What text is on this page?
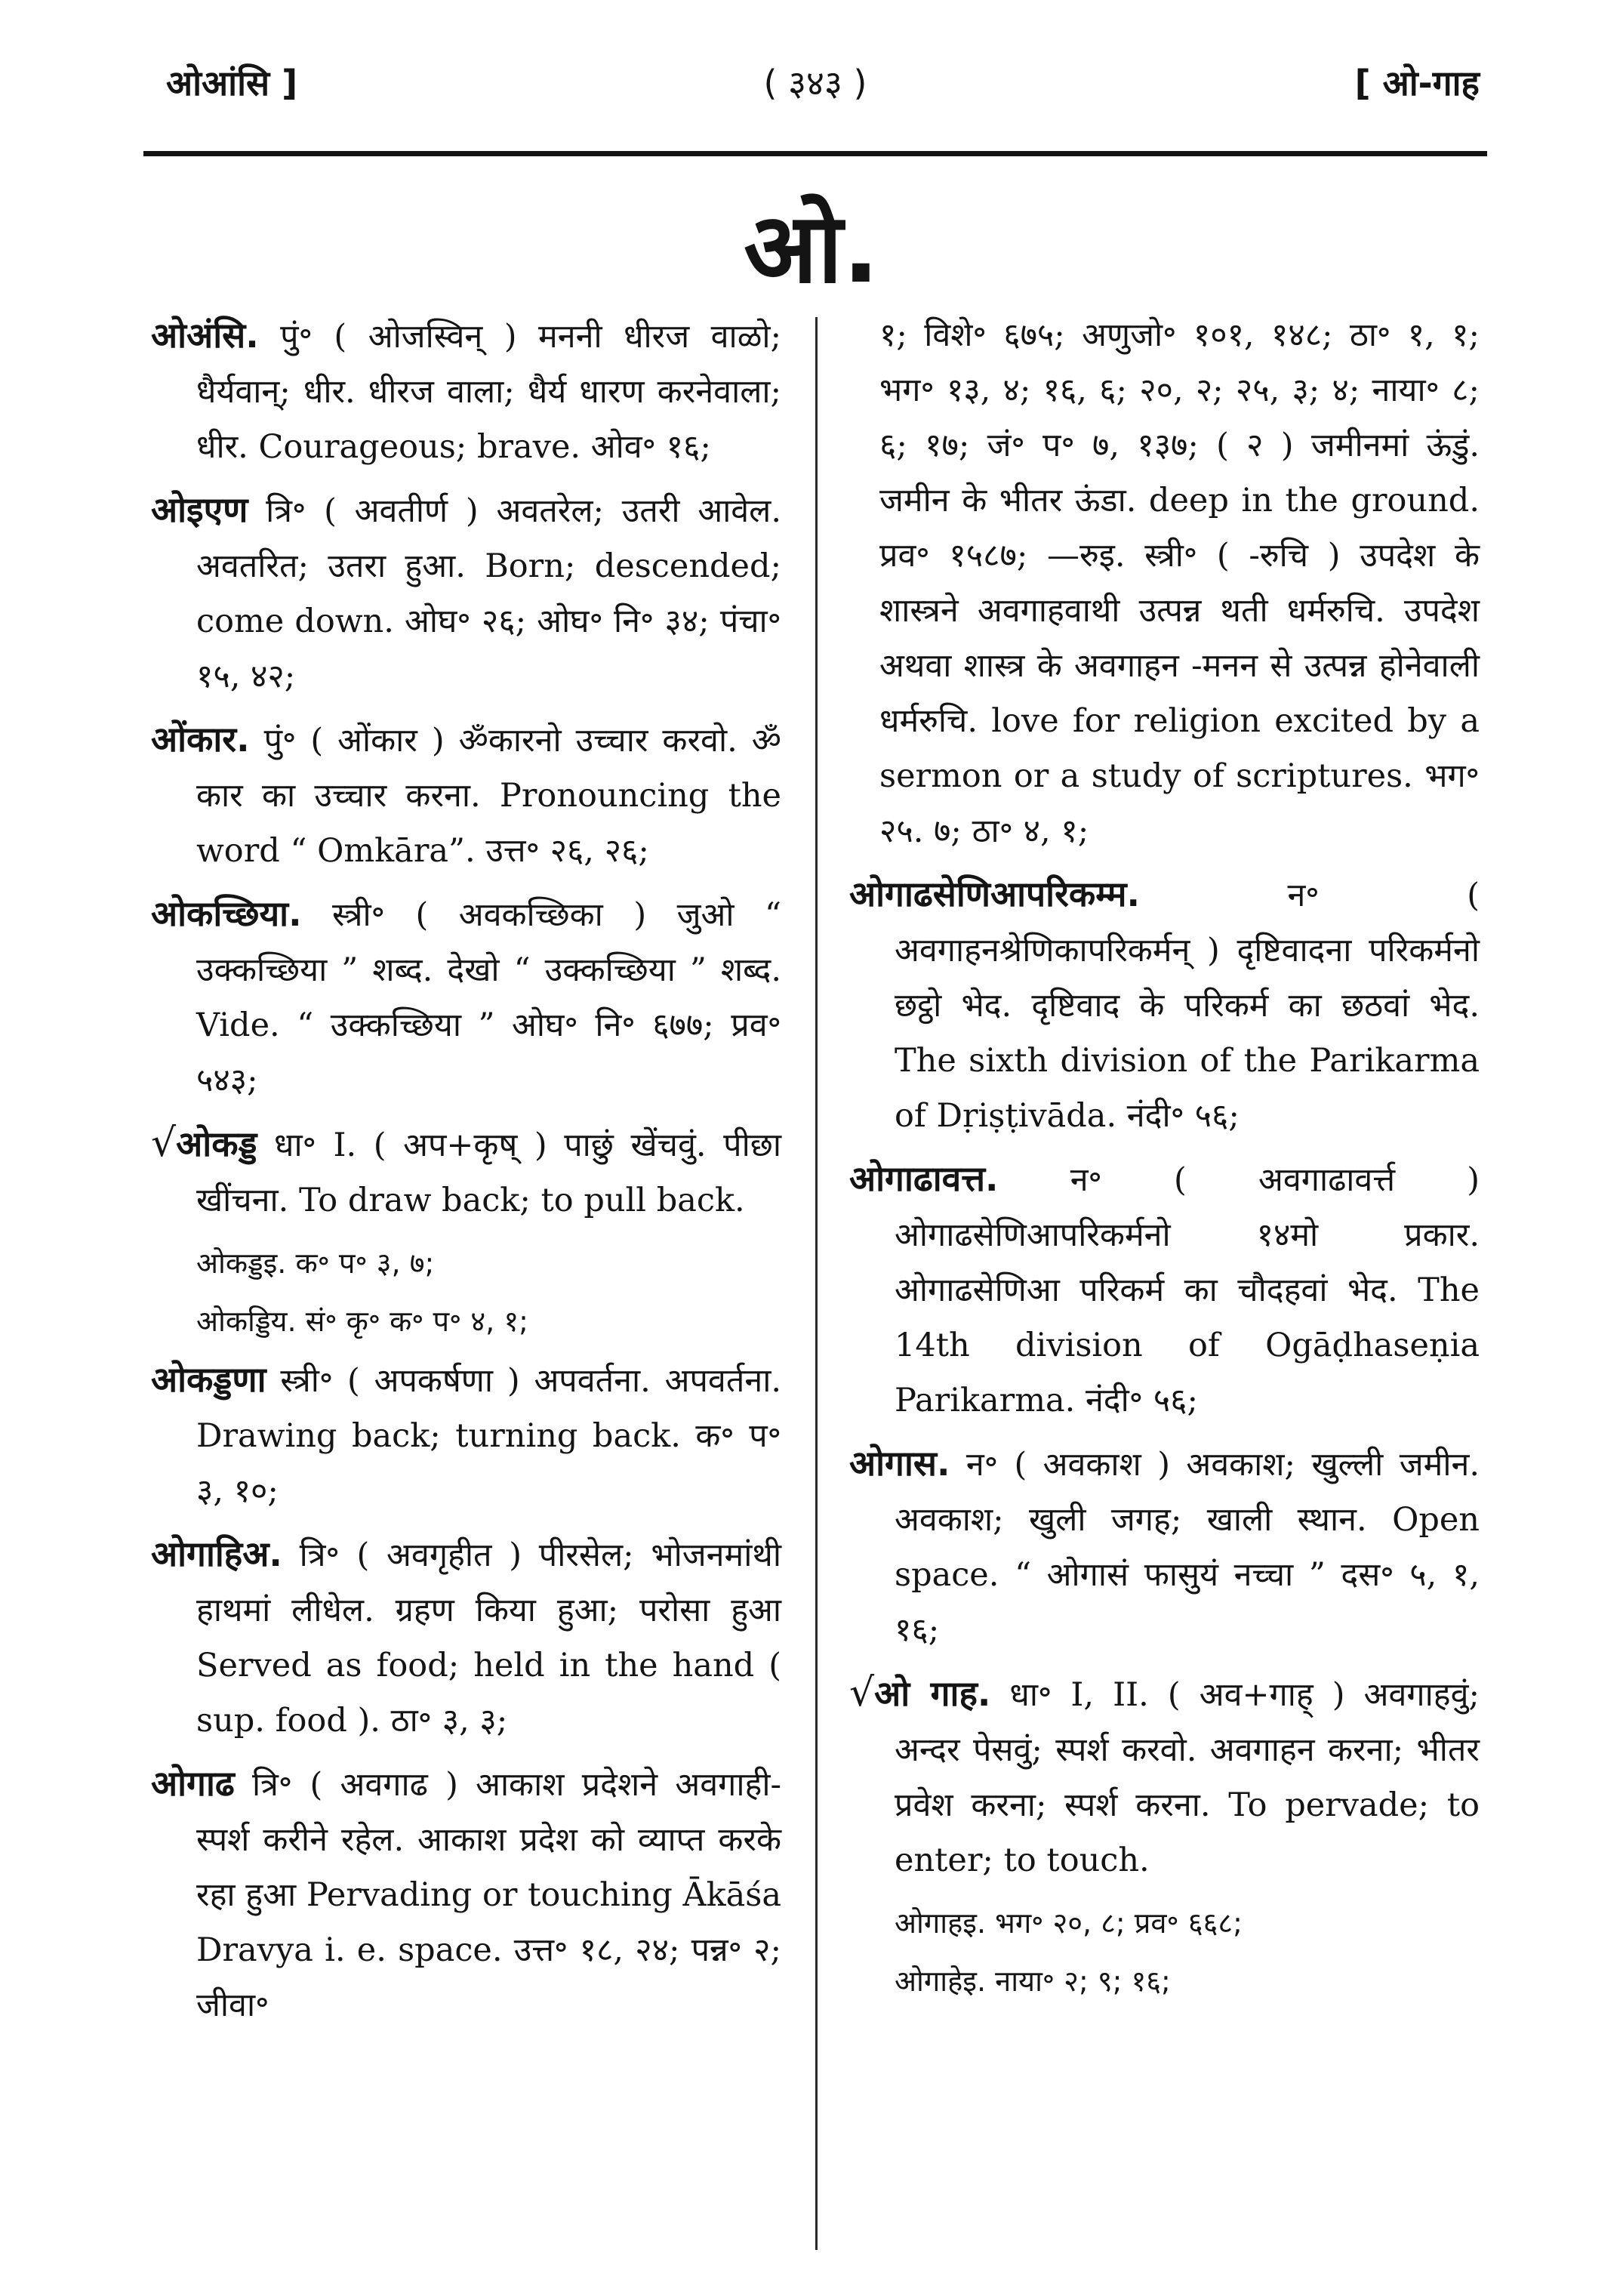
ओआंसि ]	( ३४३ )	[ ओ-गाह
ओ.
ओअंसि. पुं॰ ( ओजस्विन् ) मननी धीरज वाळो; धैर्यवान्; धीर. धीरज वाला; धैर्य धारण करनेवाला; धीर. Courageous; brave. ओव॰ १६;
ओइएण त्रि॰ ( अवतीर्ण ) अवतरेल; उतरी आवेल. अवतरित; उतरा हुआ. Born; descended; come down. ओघ॰ २६; ओघ॰ नि॰ ३४; पंचा॰ १५, ४२;
ओंकार. पुं॰ ( ओंकार ) ॐकारनो उच्चार करवो. ॐ कार का उच्चार करना. Pronouncing the word “ Omkāra”. उत्त॰ २६, २६;
ओकच्छिया. स्त्री॰ ( अवकच्छिका ) जुओ “ उक्कच्छिया ” शब्द. देखो “ उक्कच्छिया ” शब्द. Vide. “ उक्कच्छिया ” ओघ॰ नि॰ ६७७; प्रव॰ ५४३;
√ओकड्ड धा॰ I. ( अप+कृष् ) पाछुं खेंचवुं. पीछा खींचना. To draw back; to pull back.
ओकड्डइ. क॰ प॰ ३, ७;
ओकड्डिय. सं॰ कृ॰ क॰ प॰ ४, १;
ओकड्डणा स्त्री॰ ( अपकर्षणा ) अपवर्तना. अपवर्तना. Drawing back; turning back. क॰ प॰ ३, १०;
ओगाहिअ. त्रि॰ ( अवगृहीत ) पीरसेल; भोजनमांथी हाथमां लीधेल. ग्रहण किया हुआ; परोसा हुआ Served as food; held in the hand ( sup. food ). ठा॰ ३, ३;
ओगाढ त्रि॰ ( अवगाढ ) आकाश प्रदेशने अवगाही-स्पर्श करीने रहेल. आकाश प्रदेश को व्याप्त करके रहा हुआ Pervading or touching Ākāśa Dravya i. e. space. उत्त॰ १८, २४; पन्न॰ २; जीवा॰
१; विशे॰ ६७५; अणुजो॰ १०१, १४८; ठा॰ १, १; भग॰ १३, ४; १६, ६; २०, २; २५, ३; ४; नाया॰ ८; ६; १७; जं॰ प॰ ७, १३७; ( २ ) जमीनमां ऊंडुं. जमीन के भीतर ऊंडा. deep in the ground. प्रव॰ १५८७; —रुइ. स्त्री॰ ( -रुचि ) उपदेश के शास्त्रने अवगाहवाथी उत्पन्न थती धर्मरुचि. उपदेश अथवा शास्त्र के अवगाहन -मनन से उत्पन्न होनेवाली धर्मरुचि. love for religion excited by a sermon or a study of scriptures. भग॰ २५. ७; ठा॰ ४, १;
ओगाढसेणिआपरिकम्म. न॰ ( अवगाहनश्रेणिकापरिकर्मन् ) दृष्टिवादना परिकर्मनो छट्ठो भेद. दृष्टिवाद के परिकर्म का छठवां भेद. The sixth division of the Parikarma of Dṛiṣṭivāda. नंदी॰ ५६;
ओगाढावत्त. न॰ ( अवगाढावर्त्त ) ओगाढसेणिआपरिकर्मनो १४मो प्रकार. ओगाढसेणिआ परिकर्म का चौदहवां भेद. The 14th division of Ogāḍhaseṇia Parikarma. नंदी॰ ५६;
ओगास. न॰ ( अवकाश ) अवकाश; खुल्ली जमीन. अवकाश; खुली जगह; खाली स्थान. Open space. “ ओगासं फासुयं नच्चा ” दस॰ ५, १, १६;
√ओ गाह. धा॰ I, II. ( अव+गाह् ) अवगाहवुं; अन्दर पेसवुं; स्पर्श करवो. अवगाहन करना; भीतर प्रवेश करना; स्पर्श करना. To pervade; to enter; to touch.
ओगाहइ. भग॰ २०, ८; प्रव॰ ६६८;
ओगाहेइ. नाया॰ २; ९; १६;
